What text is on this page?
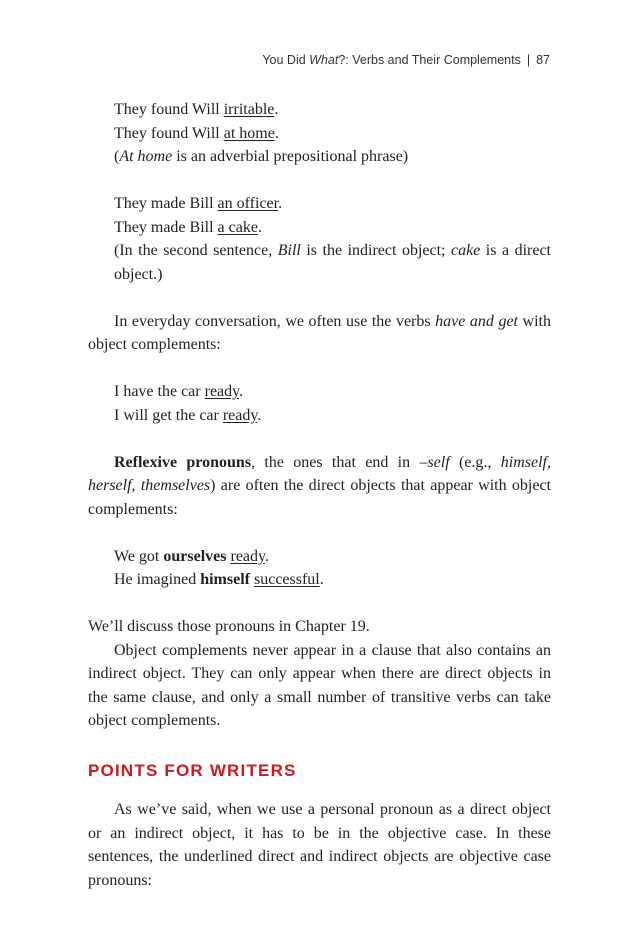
You Did What?: Verbs and Their Complements | 87
They found Will irritable.
They found Will at home.
(At home is an adverbial prepositional phrase)
They made Bill an officer.
They made Bill a cake.
(In the second sentence, Bill is the indirect object; cake is a direct object.)
In everyday conversation, we often use the verbs have and get with object complements:
I have the car ready.
I will get the car ready.
Reflexive pronouns, the ones that end in –self (e.g., himself, herself, themselves) are often the direct objects that appear with object complements:
We got ourselves ready.
He imagined himself successful.
We’ll discuss those pronouns in Chapter 19.
Object complements never appear in a clause that also contains an indirect object. They can only appear when there are direct objects in the same clause, and only a small number of transitive verbs can take object complements.
POINTS FOR WRITERS
As we’ve said, when we use a personal pronoun as a direct object or an indirect object, it has to be in the objective case. In these sentences, the underlined direct and indirect objects are objective case pronouns:
